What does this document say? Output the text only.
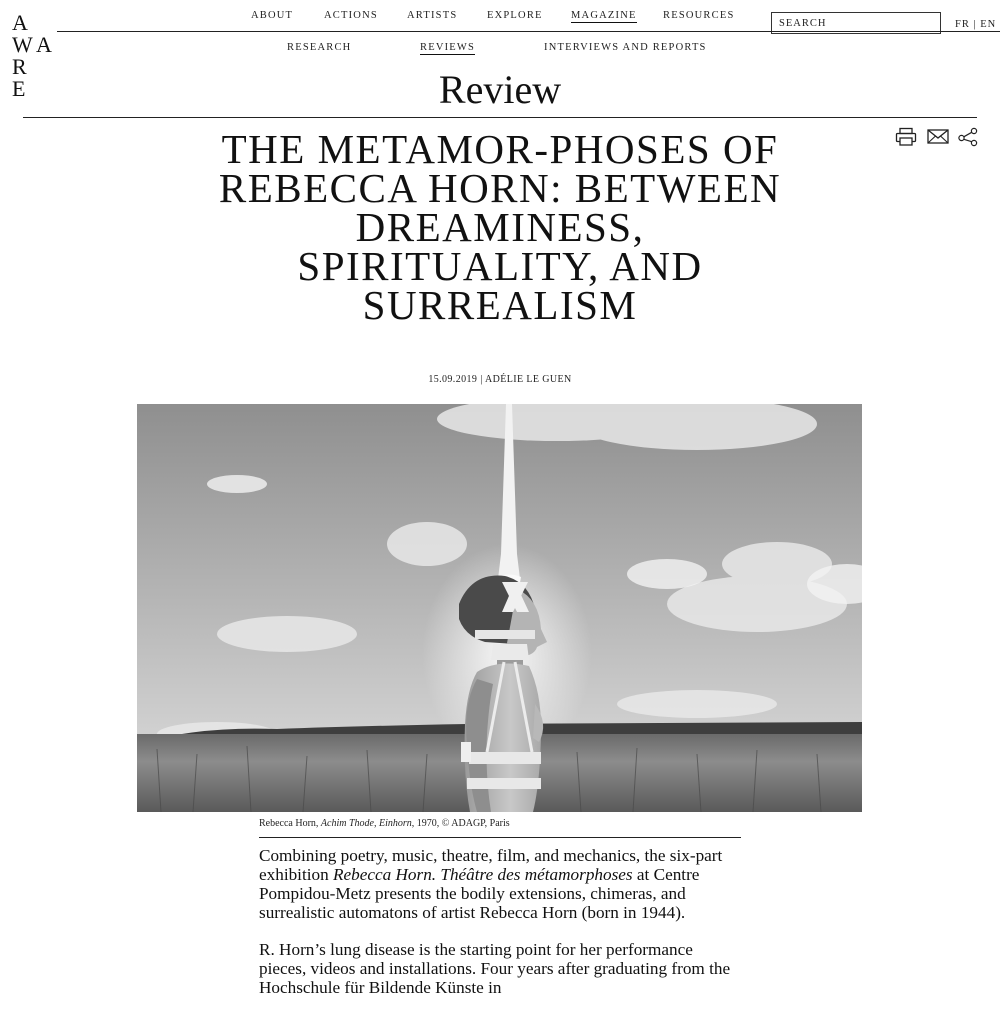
A
W A
R
E
ABOUT	ACTIONS	ARTISTS	EXPLORE	MAGAZINE	RESOURCES
SEARCH
FR | EN
RESEARCH	REVIEWS	INTERVIEWS AND REPORTS
Review
THE METAMOR-PHOSES OF REBECCA HORN: BETWEEN DREAMINESS, SPIRITUALITY, AND SURREALISM
15.09.2019 | ADÉLIE LE GUEN
Rebecca Horn, Achim Thode, Einhorn, 1970, © ADAGP, Paris

Combining poetry, music, theatre, film, and mechanics, the six-part exhibition Rebecca Horn. Théâtre des métamorphoses at Centre Pompidou-Metz presents the bodily extensions, chimeras, and surrealistic automatons of artist Rebecca Horn (born in 1944).

R. Horn’s lung disease is the starting point for her performance pieces, videos and installations. Four years after graduating from the Hochschule für Bildende Künste in
